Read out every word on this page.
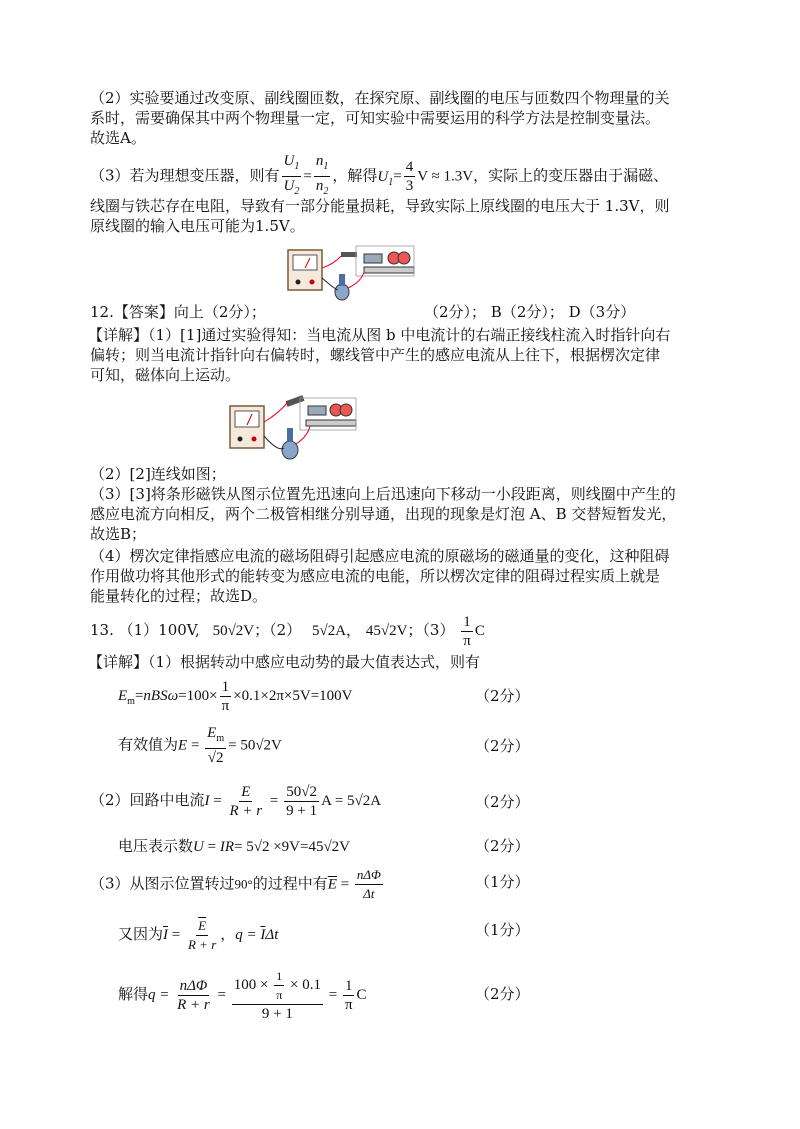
（2）实验要通过改变原、副线圈匝数，在探究原、副线圈的电压与匝数四个物理量的关
系时，需要确保其中两个物理量一定，可知实验中需要运用的科学方法是控制变量法。
故选A。
（3）若为理想变压器，则有 $\frac{U_1}{U_2} = \frac{n_1}{n_2}$ ，解得$U_1= \frac{4}{3}$ V ≈ 1.3V，实际上的变压器由于漏磁、
线圈与铁芯存在电阻，导致有一部分能量损耗，导致实际上原线圈的电压大于 1.3V，则
原线圈的输入电压可能为1.5V。
12.【答案】向上（2分）；	（2分）； B（2分）； D（3分）
【详解】（1）[1]通过实验得知：当电流从图 b 中电流计的右端正接线柱流入时指针向右
偏转；则当电流计指针向右偏转时，螺线管中产生的感应电流从上往下，根据楞次定律
可知，磁体向上运动。
（2）[2]连线如图；
（3）[3]将条形磁铁从图示位置先迅速向上后迅速向下移动一小段距离，则线圈中产生的
感应电流方向相反，两个二极管相继分别导通，出现的现象是灯泡 A、B 交替短暂发光，
故选B；
（4）楞次定律指感应电流的磁场阻碍引起感应电流的原磁场的磁通量的变化，这种阻碍
作用做功将其他形式的能转变为感应电流的电能，所以楞次定律的阻碍过程实质上就是
能量转化的过程；故选D。
13. （1）100V, 50√2V；（2） 5√2A， 45√2V；$(3) \frac{1}{\pi}$ C
【详解】（1）根据转动中感应电动势的最大值表达式，则有
$E_m=nBS\omega=100\times \frac{1}{\pi} \times 0.1\times 2\pi\times 5V=100V$	（2分）
有效值为$E = \frac{E_m}{√2} = 50√2V$	（2分）
（2）回路中电流$I = \frac{E}{R + r} = \frac{50√2}{9 + 1}$ A = 5√2A	（2分）
电压表示数U = IR= 5√2 ×9V=45√2V	（2分）
（3）从图示位置转过90°的过程中有$\overline{E} = \frac{\text{nΔΦ}}{\Delta t}$	（1分）
又因为$\overline{I} = \frac{\overline{E}}{R + r}$ ，$q = \overline{I}\Delta t$	（1分）
解得$q = \frac{\text{nΔΦ}}{R + r} = \frac{100 \times \frac{1}{\pi} \times 0.1}{9 + 1} = \frac{1}{\pi}$ C	（2分）
